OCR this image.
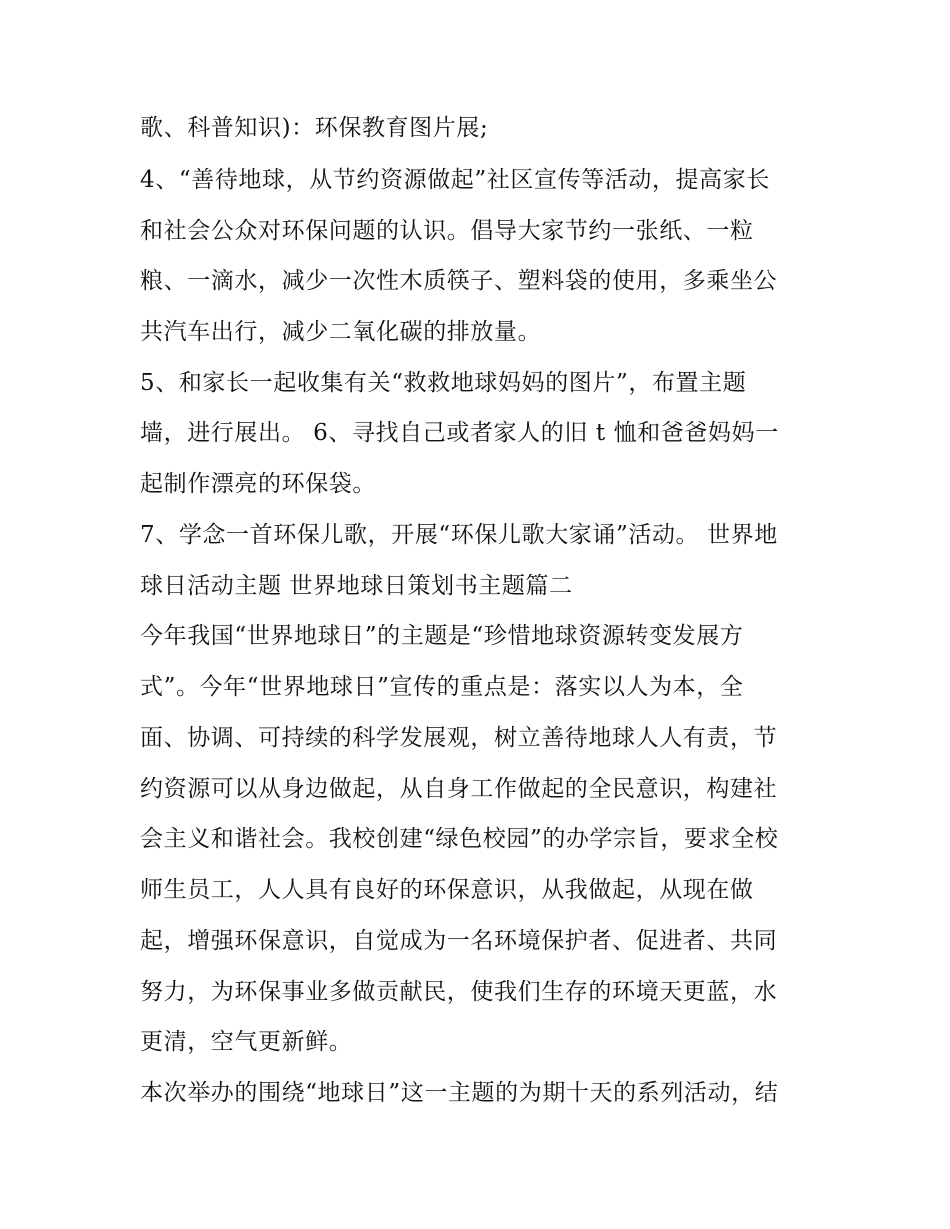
歌、科普知识)：环保教育图片展;
4、“善待地球，从节约资源做起”社区宣传等活动，提高家长
和社会公众对环保问题的认识。倡导大家节约一张纸、一粒
粮、一滴水，减少一次性木质筷子、塑料袋的使用，多乘坐公
共汽车出行，减少二氧化碳的排放量。
5、和家长一起收集有关“救救地球妈妈的图片”，布置主题
墙，进行展出。 6、寻找自己或者家人的旧 t 恤和爸爸妈妈一
起制作漂亮的环保袋。
7、学念一首环保儿歌，开展“环保儿歌大家诵”活动。 世界地
球日活动主题 世界地球日策划书主题篇二
今年我国“世界地球日”的主题是“珍惜地球资源转变发展方
式”。今年“世界地球日”宣传的重点是：落实以人为本，全
面、协调、可持续的科学发展观，树立善待地球人人有责，节
约资源可以从身边做起，从自身工作做起的全民意识，构建社
会主义和谐社会。我校创建“绿色校园”的办学宗旨，要求全校
师生员工，人人具有良好的环保意识，从我做起，从现在做
起，增强环保意识，自觉成为一名环境保护者、促进者、共同
努力，为环保事业多做贡献民，使我们生存的环境天更蓝，水
更清，空气更新鲜。
本次举办的围绕“地球日”这一主题的为期十天的系列活动，结
